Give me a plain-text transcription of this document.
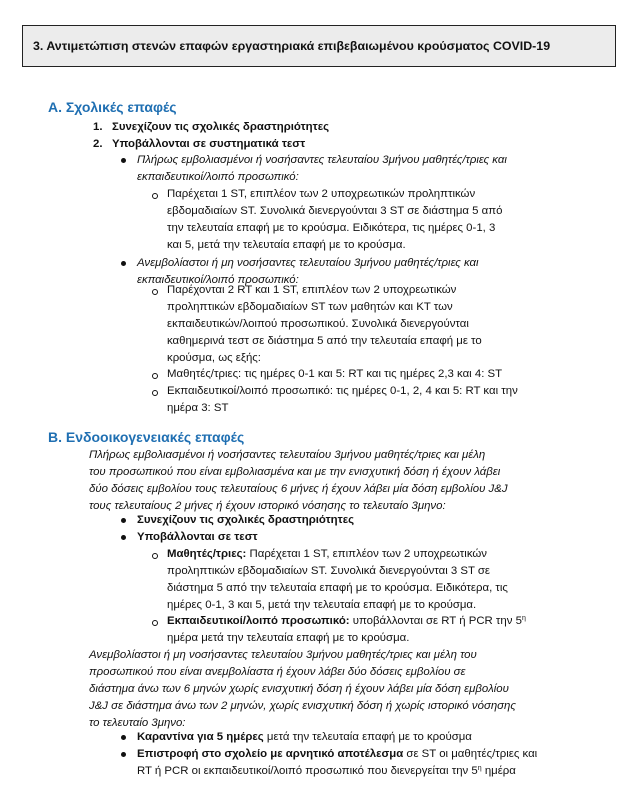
3. Αντιμετώπιση στενών επαφών εργαστηριακά επιβεβαιωμένου κρούσματος COVID-19
Α. Σχολικές επαφές
1. Συνεχίζουν τις σχολικές δραστηριότητες
2. Υποβάλλονται σε συστηματικά τεστ
Πλήρως εμβολιασμένοι ή νοσήσαντες τελευταίου 3μήνου μαθητές/τριες και
εκπαιδευτικοί/λοιπό προσωπικό:
Παρέχεται 1 ST, επιπλέον των 2 υποχρεωτικών προληπτικών
εβδομαδιαίων ST. Συνολικά διενεργούνται 3 ST σε διάστημα 5 από
την τελευταία επαφή με το κρούσμα. Ειδικότερα, τις ημέρες 0-1, 3
και 5, μετά την τελευταία επαφή με το κρούσμα.
Ανεμβολίαστοι ή μη νοσήσαντες τελευταίου 3μήνου μαθητές/τριες και
εκπαιδευτικοί/λοιπό προσωπικό:
Παρέχονται 2 RT και 1 ST, επιπλέον των 2 υποχρεωτικών
προληπτικών εβδομαδιαίων ST των μαθητών και ΚΤ των
εκπαιδευτικών/λοιπού προσωπικού. Συνολικά διενεργούνται
καθημερινά τεστ σε διάστημα 5 από την τελευταία επαφή με το
κρούσμα, ως εξής:
Μαθητές/τριες: τις ημέρες 0-1 και 5: RT και τις ημέρες 2,3 και 4: ST
Εκπαιδευτικοί/λοιπό προσωπικό: τις ημέρες 0-1, 2, 4 και 5: RT και την
ημέρα 3: ST
Β. Ενδοοικογενειακές επαφές
Πλήρως εμβολιασμένοι ή νοσήσαντες τελευταίου 3μήνου μαθητές/τριες και μέλη
του προσωπικού που είναι εμβολιασμένα και με την ενισχυτική δόση ή έχουν λάβει
δύο δόσεις εμβολίου τους τελευταίους 6 μήνες ή έχουν λάβει μία δόση εμβολίου J&J
τους τελευταίους 2 μήνες ή έχουν ιστορικό νόσησης το τελευταίο 3μηνο:
Συνεχίζουν τις σχολικές δραστηριότητες
Υποβάλλονται σε τεστ
Μαθητές/τριες: Παρέχεται 1 ST, επιπλέον των 2 υποχρεωτικών
προληπτικών εβδομαδιαίων ST. Συνολικά διενεργούνται 3 ST σε
διάστημα 5 από την τελευταία επαφή με το κρούσμα. Ειδικότερα, τις
ημέρες 0-1, 3 και 5, μετά την τελευταία επαφή με το κρούσμα.
Εκπαιδευτικοί/λοιπό προσωπικό: υποβάλλονται σε RT ή PCR την $5^\eta$
ημέρα μετά την τελευταία επαφή με το κρούσμα.
Ανεμβολίαστοι ή μη νοσήσαντες τελευταίου 3μήνου μαθητές/τριες και μέλη του
προσωπικού που είναι ανεμβολίαστα ή έχουν λάβει δύο δόσεις εμβολίου σε
διάστημα άνω των 6 μηνών χωρίς ενισχυτική δόση ή έχουν λάβει μία δόση εμβολίου
J&J σε διάστημα άνω των 2 μηνών, χωρίς ενισχυτική δόση ή χωρίς ιστορικό νόσησης
το τελευταίο 3μηνο:
Καραντίνα για 5 ημέρες μετά την τελευταία επαφή με το κρούσμα
Επιστροφή στο σχολείο με αρνητικό αποτέλεσμα σε ST οι μαθητές/τριες και
RT ή PCR οι εκπαιδευτικοί/λοιπό προσωπικό που διενεργείται την $5^\eta$ ημέρα
